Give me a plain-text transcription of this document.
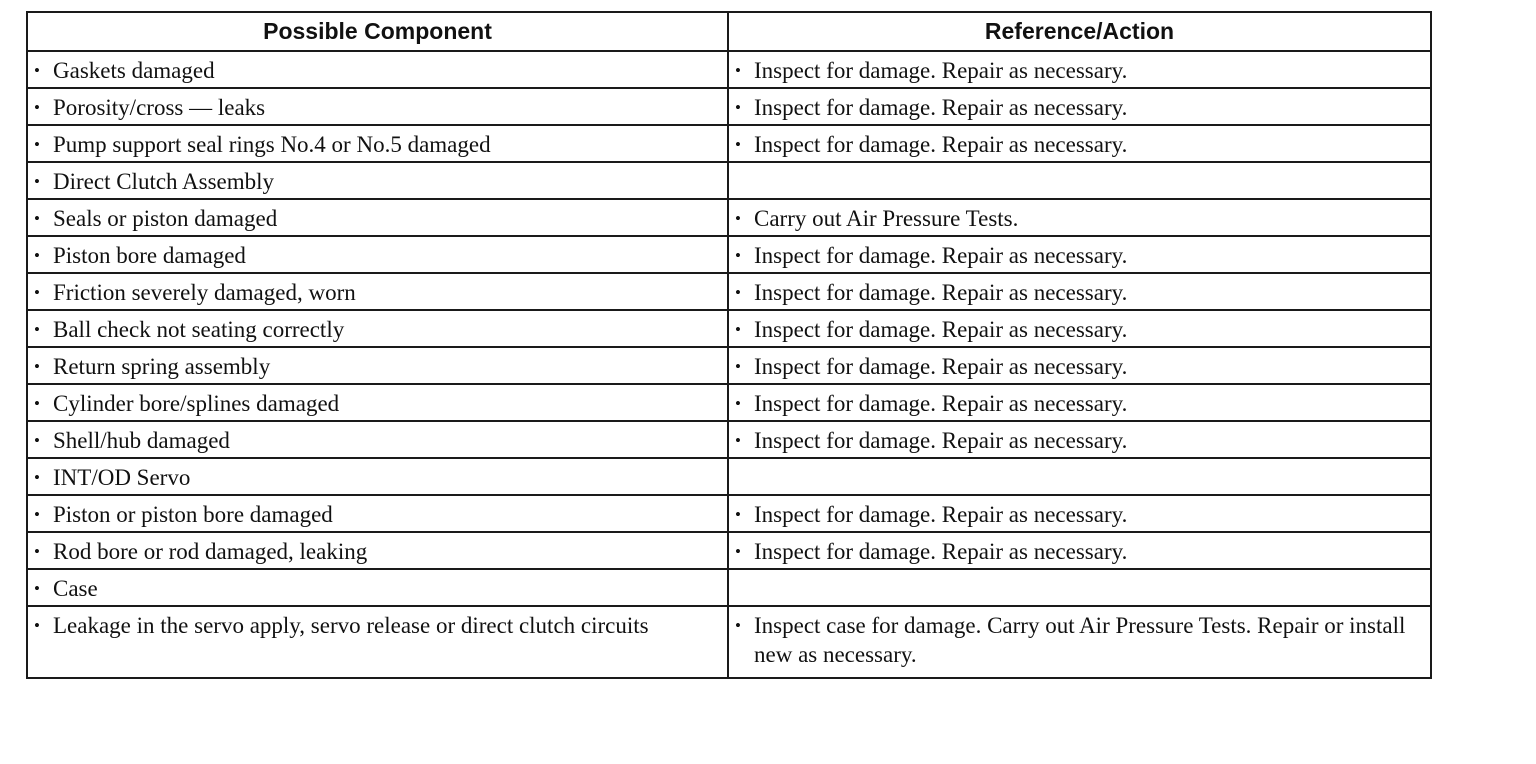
Possible Component	Reference/Action

• Gaskets damaged	• Inspect for damage. Repair as necessary.

• Porosity/cross — leaks	• Inspect for damage. Repair as necessary.

• Pump support seal rings No.4 or No.5 damaged	• Inspect for damage. Repair as necessary.

• Direct Clutch Assembly	

• Seals or piston damaged	• Carry out Air Pressure Tests.

• Piston bore damaged	• Inspect for damage. Repair as necessary.

• Friction severely damaged, worn	• Inspect for damage. Repair as necessary.

• Ball check not seating correctly	• Inspect for damage. Repair as necessary.

• Return spring assembly	• Inspect for damage. Repair as necessary.

• Cylinder bore/splines damaged	• Inspect for damage. Repair as necessary.

• Shell/hub damaged	• Inspect for damage. Repair as necessary.

• INT/OD Servo	

• Piston or piston bore damaged	• Inspect for damage. Repair as necessary.

• Rod bore or rod damaged, leaking	• Inspect for damage. Repair as necessary.

• Case	

• Leakage in the servo apply, servo release or direct clutch circuits	• Inspect case for damage. Carry out Air Pressure Tests. Repair or install new as necessary.
